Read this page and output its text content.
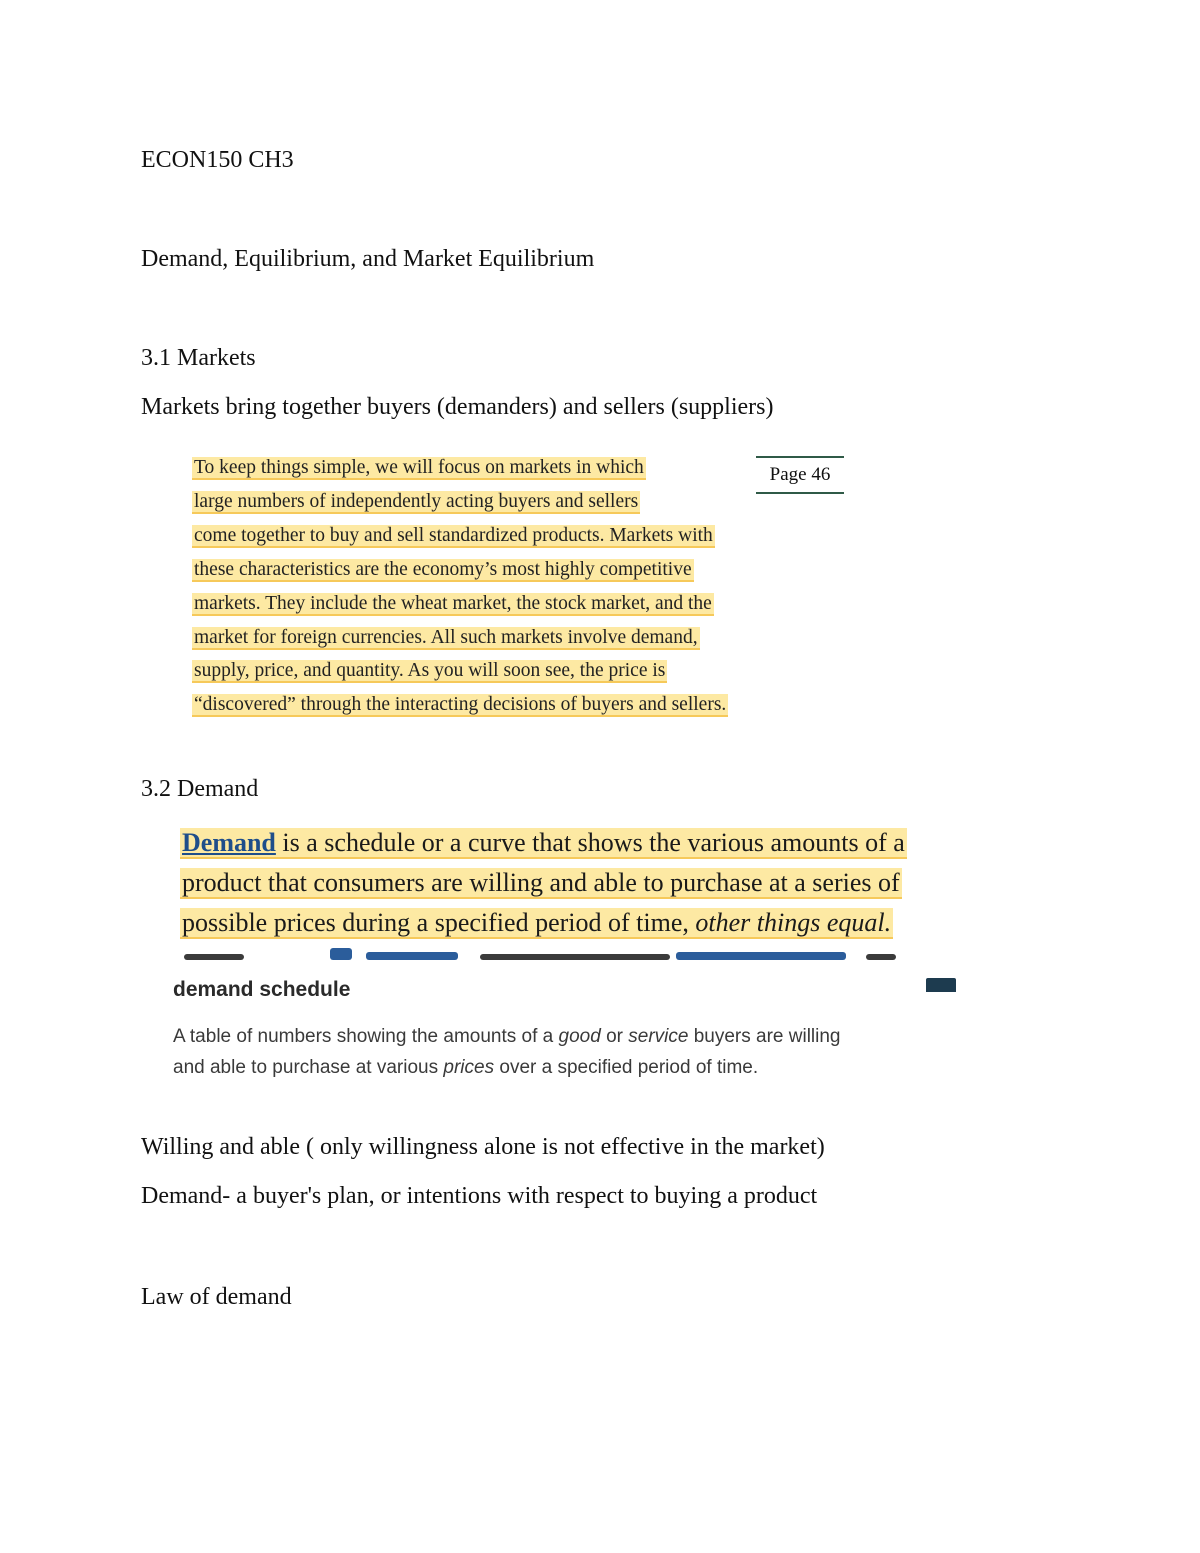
ECON150 CH3
Demand, Equilibrium, and Market Equilibrium
3.1 Markets
Markets bring together buyers (demanders) and sellers (suppliers)
To keep things simple, we will focus on markets in which
large numbers of independently acting buyers and sellers
come together to buy and sell standardized products. Markets with
these characteristics are the economy’s most highly competitive
markets. They include the wheat market, the stock market, and the
market for foreign currencies. All such markets involve demand,
supply, price, and quantity. As you will soon see, the price is
“discovered” through the interacting decisions of buyers and sellers.
Page 46
3.2 Demand
Demand is a schedule or a curve that shows the various amounts of a
product that consumers are willing and able to purchase at a series of
possible prices during a specified period of time, other things equal.
demand schedule
A table of numbers showing the amounts of a good or service buyers are willing
and able to purchase at various prices over a specified period of time.
Willing and able ( only willingness alone is not effective in the market)
Demand- a buyer's plan, or intentions with respect to buying a product
Law of demand
